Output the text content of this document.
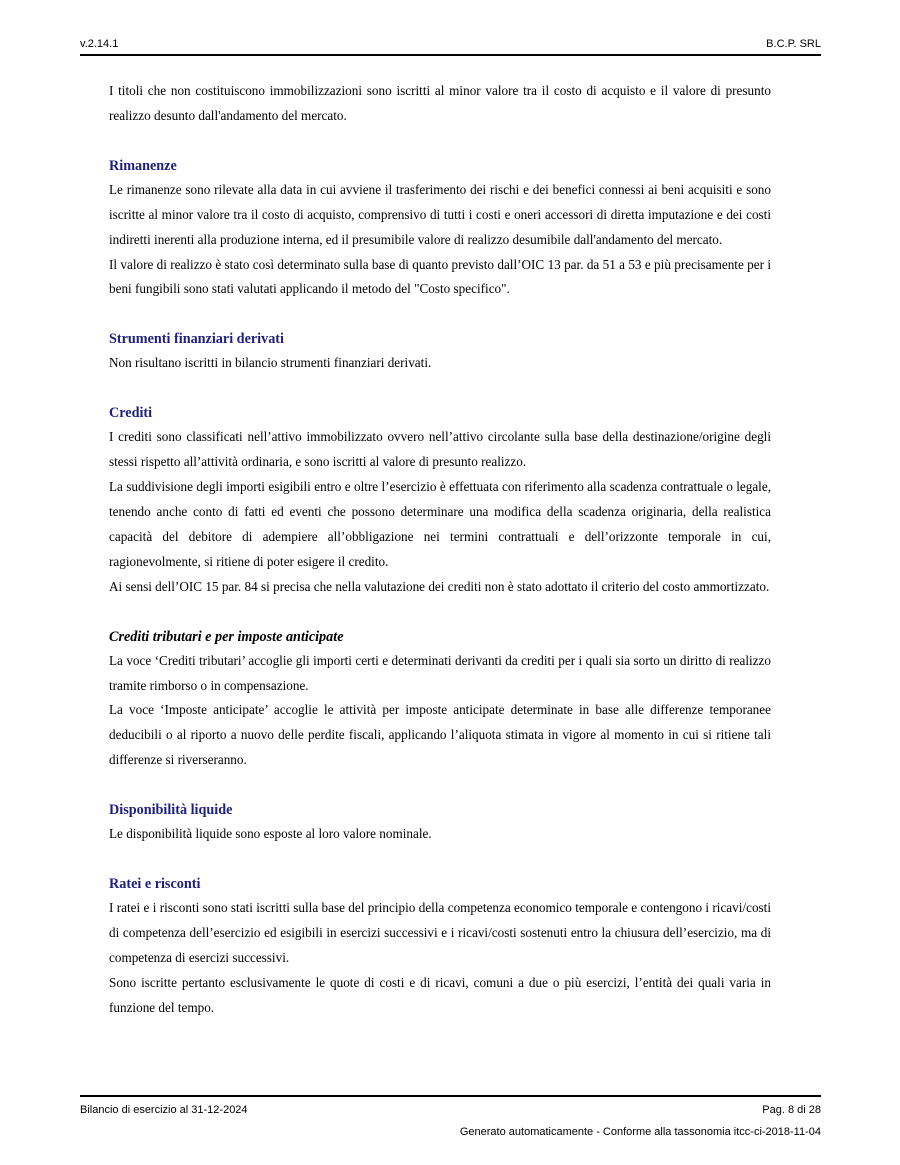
v.2.14.1	B.C.P. SRL

I titoli che non costituiscono immobilizzazioni sono iscritti al minor valore tra il costo di acquisto e il valore di presunto realizzo desunto dall'andamento del mercato.

Rimanenze

Le rimanenze sono rilevate alla data in cui avviene il trasferimento dei rischi e dei benefici connessi ai beni acquisiti e sono iscritte al minor valore tra il costo di acquisto, comprensivo di tutti i costi e oneri accessori di diretta imputazione e dei costi indiretti inerenti alla produzione interna, ed il presumibile valore di realizzo desumibile dall'andamento del mercato.

Il valore di realizzo è stato così determinato sulla base di quanto previsto dall’OIC 13 par. da 51 a 53 e più precisamente per i beni fungibili sono stati valutati applicando il metodo del "Costo specifico".

Strumenti finanziari derivati

Non risultano iscritti in bilancio strumenti finanziari derivati.

Crediti

I crediti sono classificati nell’attivo immobilizzato ovvero nell’attivo circolante sulla base della destinazione/origine degli stessi rispetto all’attività ordinaria, e sono iscritti al valore di presunto realizzo.

La suddivisione degli importi esigibili entro e oltre l’esercizio è effettuata con riferimento alla scadenza contrattuale o legale, tenendo anche conto di fatti ed eventi che possono determinare una modifica della scadenza originaria, della realistica capacità del debitore di adempiere all’obbligazione nei termini contrattuali e dell’orizzonte temporale in cui, ragionevolmente, si ritiene di poter esigere il credito.

Ai sensi dell’OIC 15 par. 84 si precisa che nella valutazione dei crediti non è stato adottato il criterio del costo ammortizzato.

Crediti tributari e per imposte anticipate

La voce ‘Crediti tributari’ accoglie gli importi certi e determinati derivanti da crediti per i quali sia sorto un diritto di realizzo tramite rimborso o in compensazione.

La voce ‘Imposte anticipate’ accoglie le attività per imposte anticipate determinate in base alle differenze temporanee deducibili o al riporto a nuovo delle perdite fiscali, applicando l’aliquota stimata in vigore al momento in cui si ritiene tali differenze si riverseranno.

Disponibilità liquide

Le disponibilità liquide sono esposte al loro valore nominale.

Ratei e risconti

I ratei e i risconti sono stati iscritti sulla base del principio della competenza economico temporale e contengono i ricavi/costi di competenza dell’esercizio ed esigibili in esercizi successivi e i ricavi/costi sostenuti entro la chiusura dell’esercizio, ma di competenza di esercizi successivi.

Sono iscritte pertanto esclusivamente le quote di costi e di ricavi, comuni a due o più esercizi, l’entità dei quali varia in funzione del tempo.

Bilancio di esercizio al 31-12-2024	Pag. 8 di 28
Generato automaticamente - Conforme alla tassonomia itcc-ci-2018-11-04
